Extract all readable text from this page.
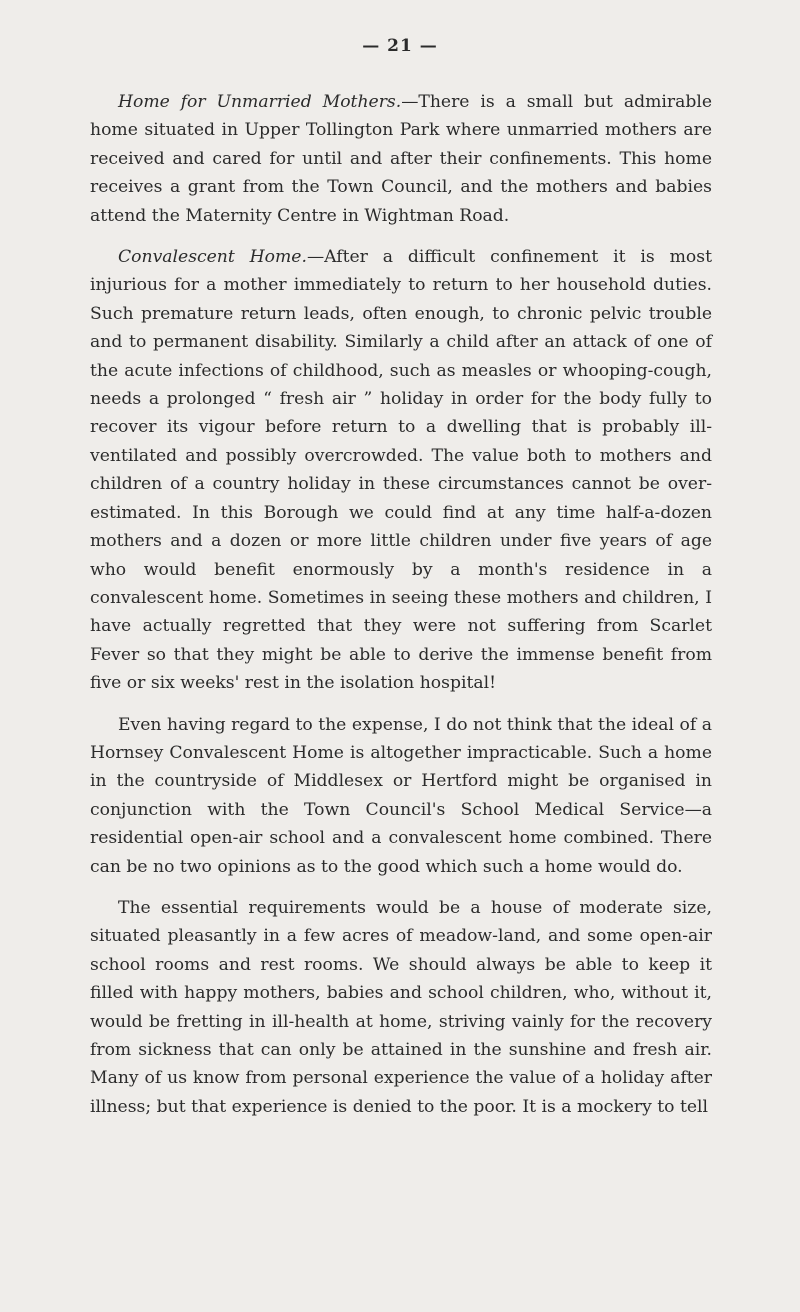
— 21 —

Home for Unmarried Mothers.—There is a small but admirable home situated in Upper Tollington Park where unmarried mothers are received and cared for until and after their confinements. This home receives a grant from the Town Council, and the mothers and babies attend the Maternity Centre in Wightman Road.

Convalescent Home.—After a difficult confinement it is most injurious for a mother immediately to return to her household duties. Such premature return leads, often enough, to chronic pelvic trouble and to permanent disability. Similarly a child after an attack of one of the acute infections of childhood, such as measles or whooping-cough, needs a prolonged “ fresh air ” holiday in order for the body fully to recover its vigour before return to a dwelling that is probably ill-ventilated and possibly overcrowded. The value both to mothers and children of a country holiday in these circumstances cannot be over-estimated. In this Borough we could find at any time half-a-dozen mothers and a dozen or more little children under five years of age who would benefit enormously by a month's residence in a convalescent home. Sometimes in seeing these mothers and children, I have actually regretted that they were not suffering from Scarlet Fever so that they might be able to derive the immense benefit from five or six weeks' rest in the isolation hospital!

Even having regard to the expense, I do not think that the ideal of a Hornsey Convalescent Home is altogether impracticable. Such a home in the countryside of Middlesex or Hertford might be organised in conjunction with the Town Council's School Medical Service—a residential open-air school and a convalescent home combined. There can be no two opinions as to the good which such a home would do.

The essential requirements would be a house of moderate size, situated pleasantly in a few acres of meadow-land, and some open-air school rooms and rest rooms. We should always be able to keep it filled with happy mothers, babies and school children, who, without it, would be fretting in ill-health at home, striving vainly for the recovery from sickness that can only be attained in the sunshine and fresh air. Many of us know from personal experience the value of a holiday after illness; but that experience is denied to the poor. It is a mockery to tell
